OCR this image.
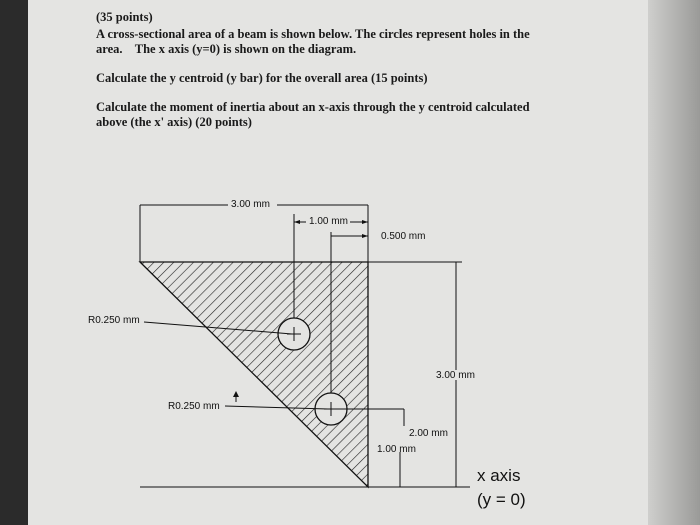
(35 points)
A cross-sectional area of a beam is shown below. The circles represent holes in the
area.    The x axis (y=0) is shown on the diagram.
Calculate the y centroid (y bar) for the overall area (15 points)
Calculate the moment of inertia about an x-axis through the y centroid calculated
above (the x' axis) (20 points)
3.00 mm
1.00 mm
0.500 mm
R0.250 mm
3.00 mm
R0.250 mm
2.00 mm
1.00 mm
x axis
(y = 0)
